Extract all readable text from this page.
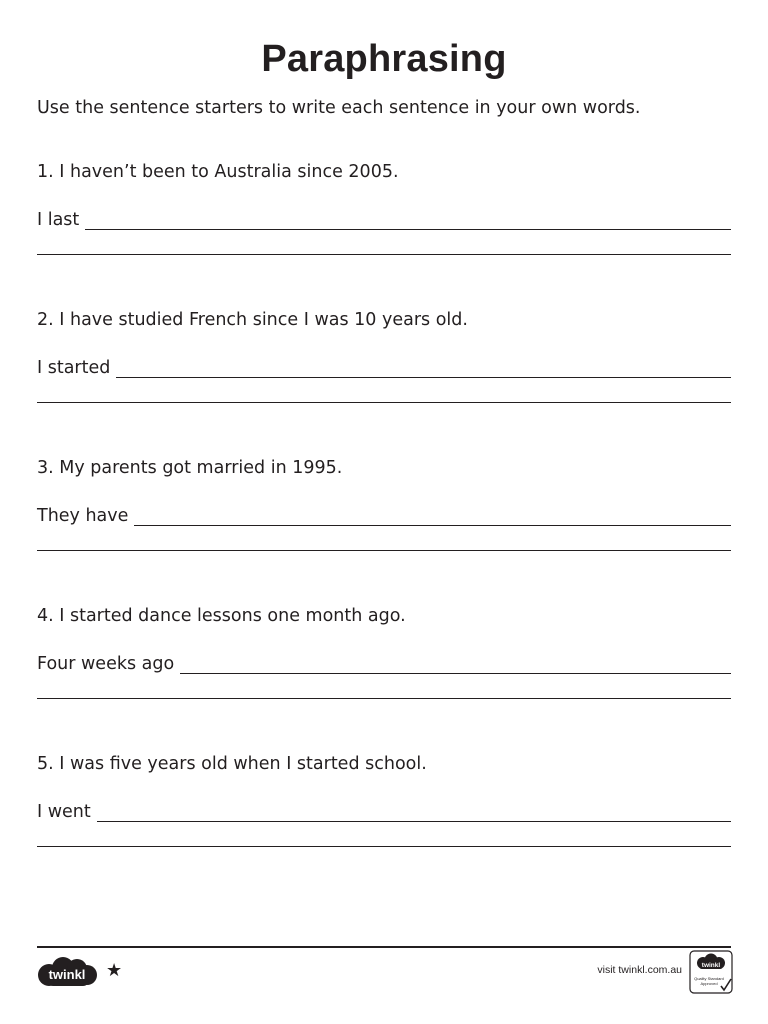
Paraphrasing
Use the sentence starters to write each sentence in your own words.
1. I haven’t been to Australia since 2005.
I last
2. I have studied French since I was 10 years old.
I started
3. My parents got married in 1995.
They have
4. I started dance lessons one month ago.
Four weeks ago
5. I was five years old when I started school.
I went
twinkl ★	visit twinkl.com.au	twinkl
Quality Standard
Approved
